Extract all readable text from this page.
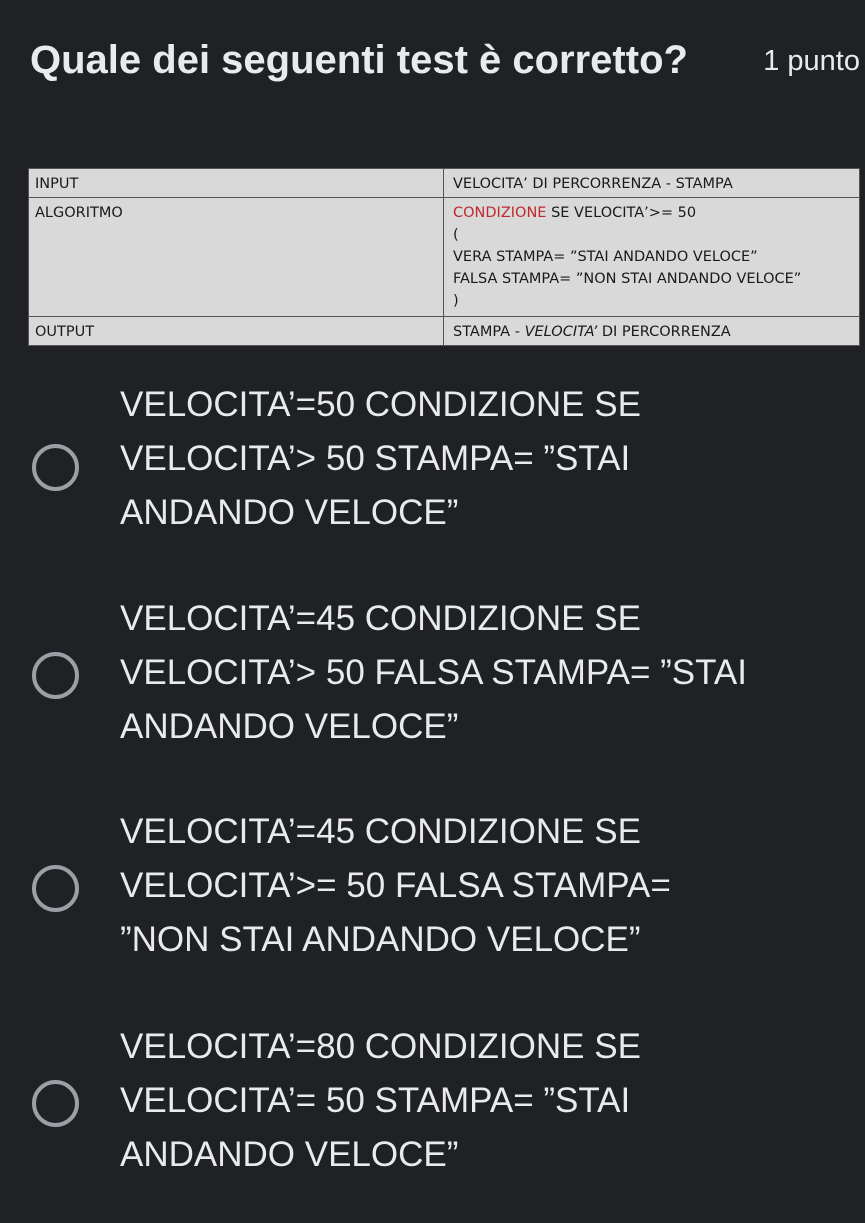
Quale dei seguenti test è corretto?	1 punto
INPUT	VELOCITA’ DI PERCORRENZA - STAMPA
ALGORITMO	CONDIZIONE SE VELOCITA’>= 50
(
VERA STAMPA= ”STAI ANDANDO VELOCE”
FALSA STAMPA= ”NON STAI ANDANDO VELOCE”
)

OUTPUT	STAMPA - VELOCITA’ DI PERCORRENZA
VELOCITA’=50 CONDIZIONE SE
VELOCITA’> 50 STAMPA= ”STAI
ANDANDO VELOCE”
VELOCITA’=45 CONDIZIONE SE
VELOCITA’> 50 FALSA STAMPA= ”STAI
ANDANDO VELOCE”
VELOCITA’=45 CONDIZIONE SE
VELOCITA’>= 50 FALSA STAMPA=
”NON STAI ANDANDO VELOCE”
VELOCITA’=80 CONDIZIONE SE
VELOCITA’= 50 STAMPA= ”STAI
ANDANDO VELOCE”
